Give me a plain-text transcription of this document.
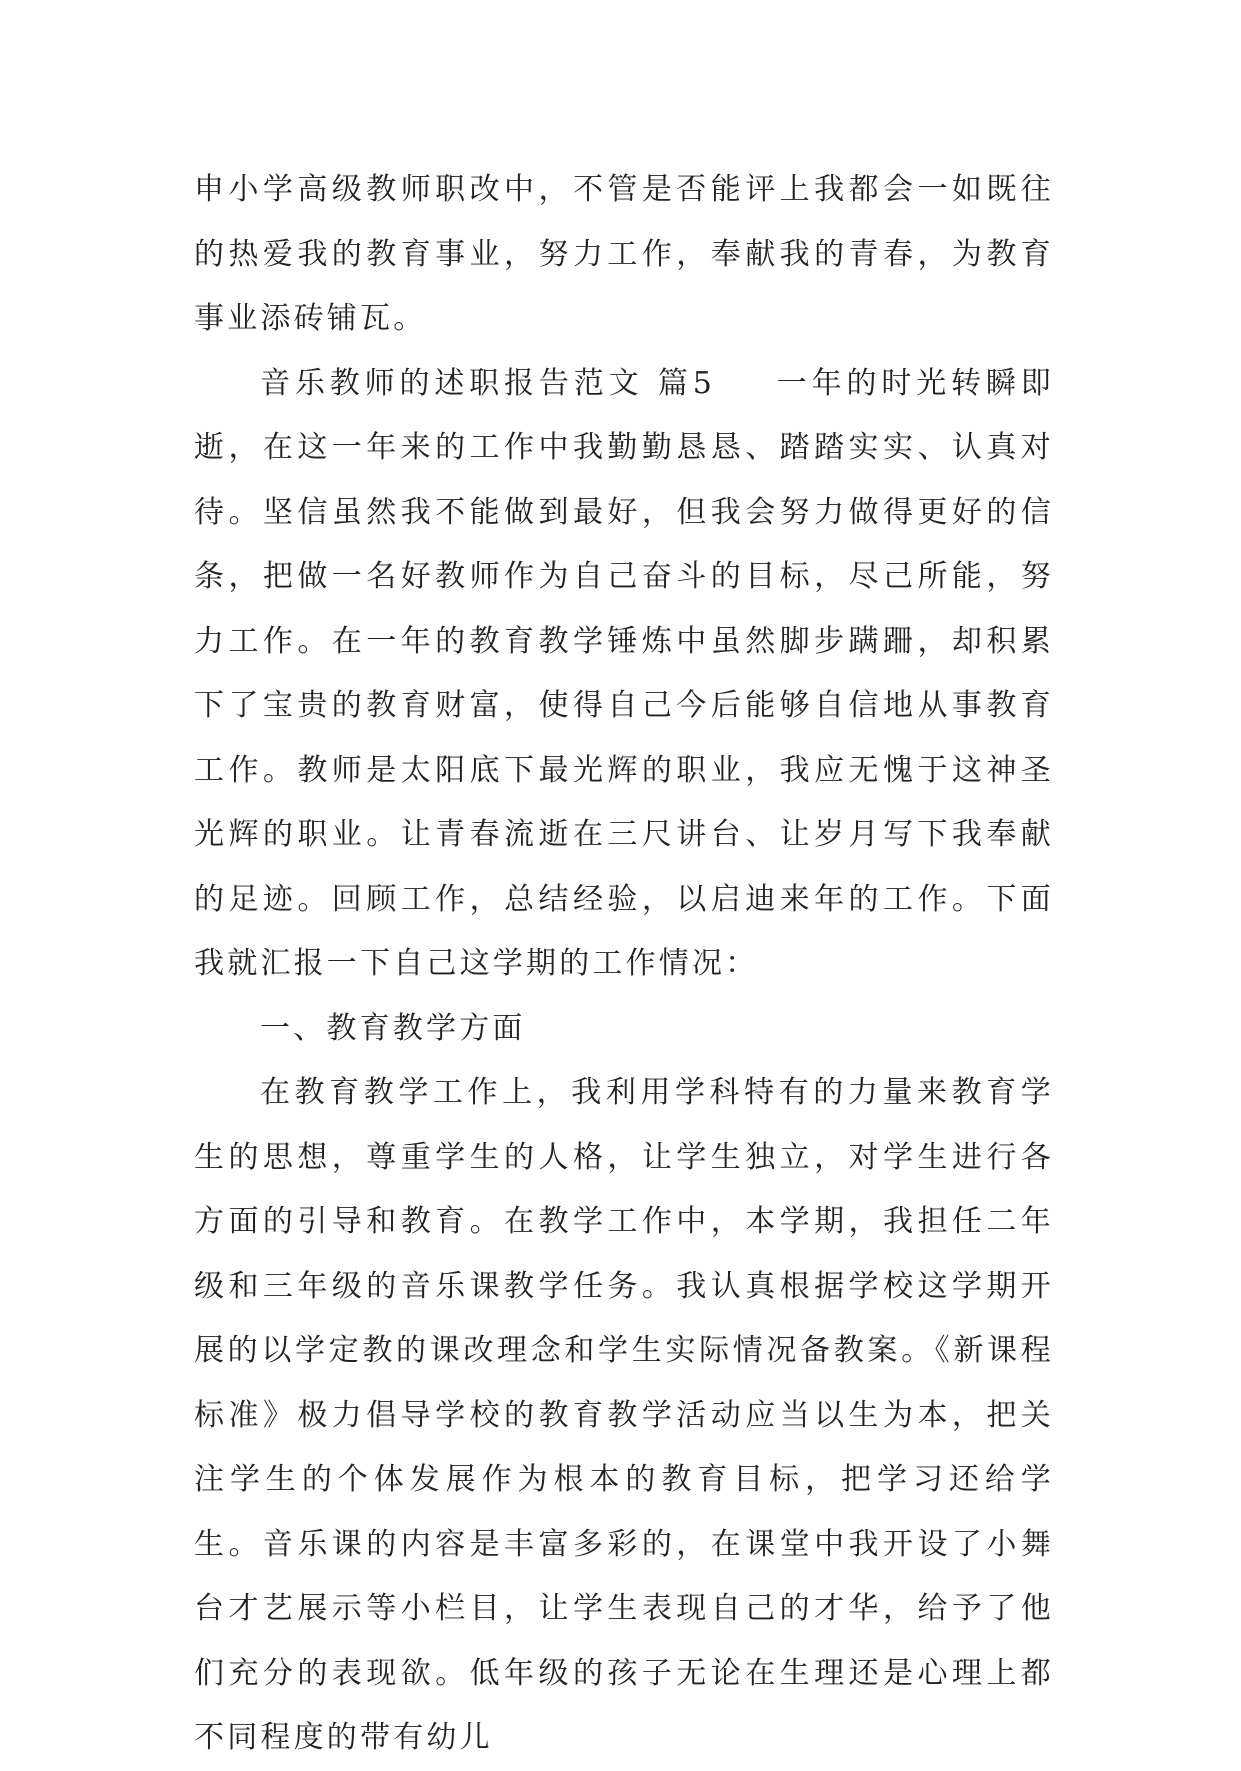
申小学高级教师职改中，不管是否能评上我都会一如既往的热爱我的教育事业，努力工作，奉献我的青春，为教育事业添砖铺瓦。

音乐教师的述职报告范文 篇5 一年的时光转瞬即逝，在这一年来的工作中我勤勤恳恳、踏踏实实、认真对待。坚信虽然我不能做到最好，但我会努力做得更好的信条，把做一名好教师作为自己奋斗的目标，尽己所能，努力工作。在一年的教育教学锤炼中虽然脚步蹒跚，却积累下了宝贵的教育财富，使得自己今后能够自信地从事教育工作。教师是太阳底下最光辉的职业，我应无愧于这神圣光辉的职业。让青春流逝在三尺讲台、让岁月写下我奉献的足迹。回顾工作，总结经验，以启迪来年的工作。下面我就汇报一下自己这学期的工作情况：

一、教育教学方面

在教育教学工作上，我利用学科特有的力量来教育学生的思想，尊重学生的人格，让学生独立，对学生进行各方面的引导和教育。在教学工作中，本学期，我担任二年级和三年级的音乐课教学任务。我认真根据学校这学期开展的以学定教的课改理念和学生实际情况备教案。《新课程标准》极力倡导学校的教育教学活动应当以生为本，把关注学生的个体发展作为根本的教育目标，把学习还给学生。音乐课的内容是丰富多彩的，在课堂中我开设了小舞台才艺展示等小栏目，让学生表现自己的才华，给予了他们充分的表现欲。低年级的孩子无论在生理还是心理上都不同程度的带有幼儿
